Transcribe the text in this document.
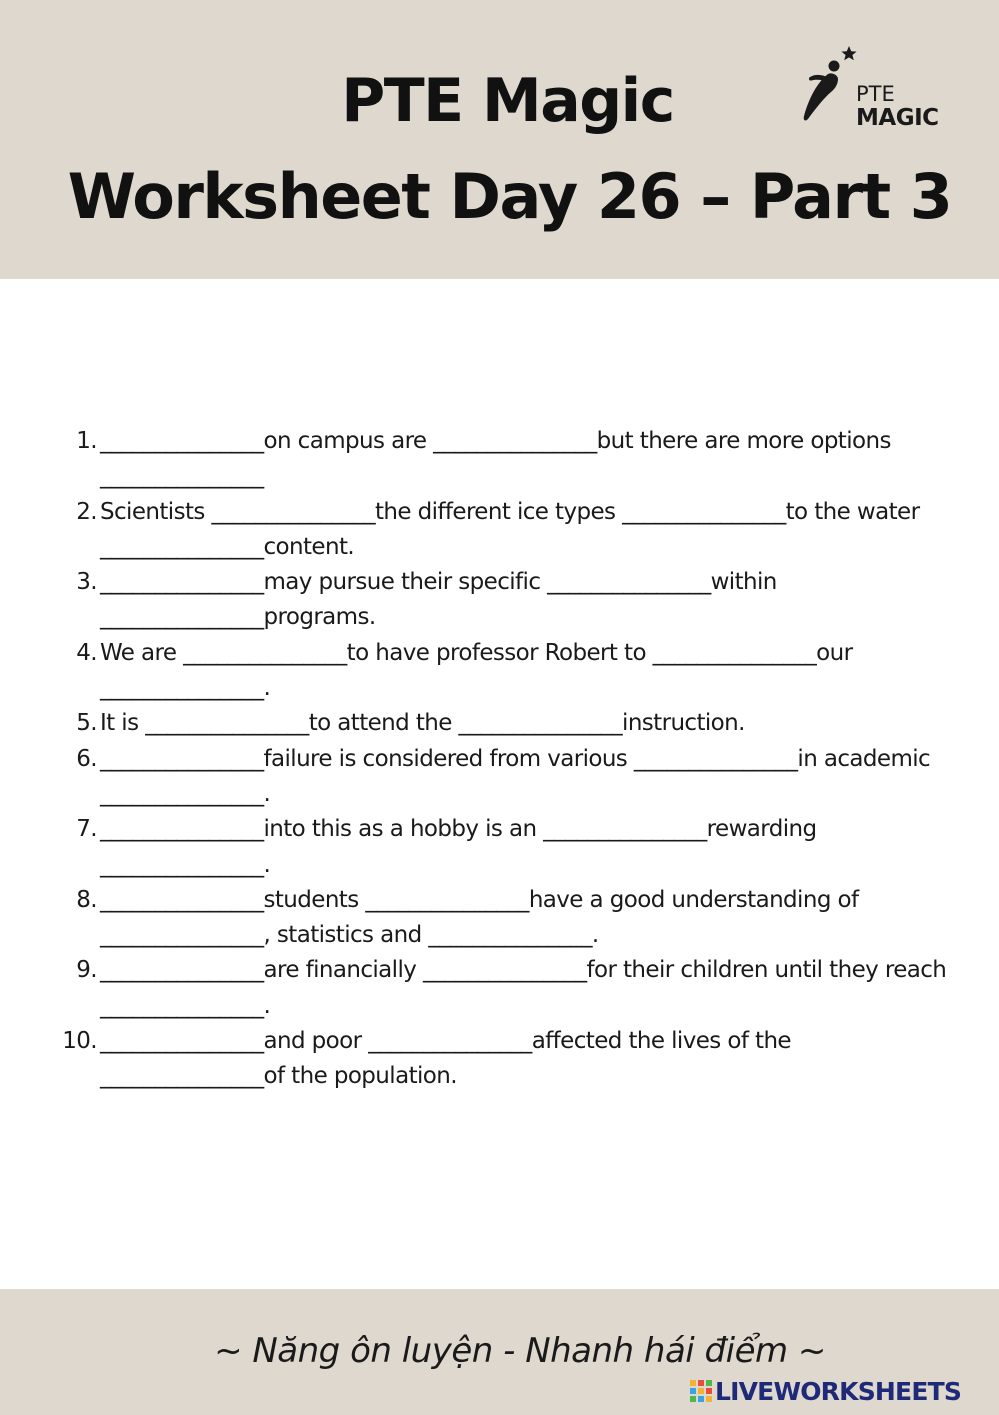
PTE Magic
Worksheet Day 26 – Part 3
PTE
MAGIC
1. _______________on campus are _______________but there are more options _______________
2. Scientists _______________the different ice types _______________to the water _______________content.
3. _______________may pursue their specific _______________within _______________programs.
4. We are _______________to have professor Robert to _______________our _______________.
5. It is _______________to attend the _______________instruction.
6. _______________failure is considered from various _______________in academic _______________.
7. _______________into this as a hobby is an _______________rewarding _______________.
8. _______________students _______________have a good understanding of _______________, statistics and _______________.
9. _______________are financially _______________for their children until they reach _______________.
10. _______________and poor _______________affected the lives of the _______________of the population.
~ Năng ôn luyện - Nhanh hái điểm ~
LIVEWORKSHEETS
